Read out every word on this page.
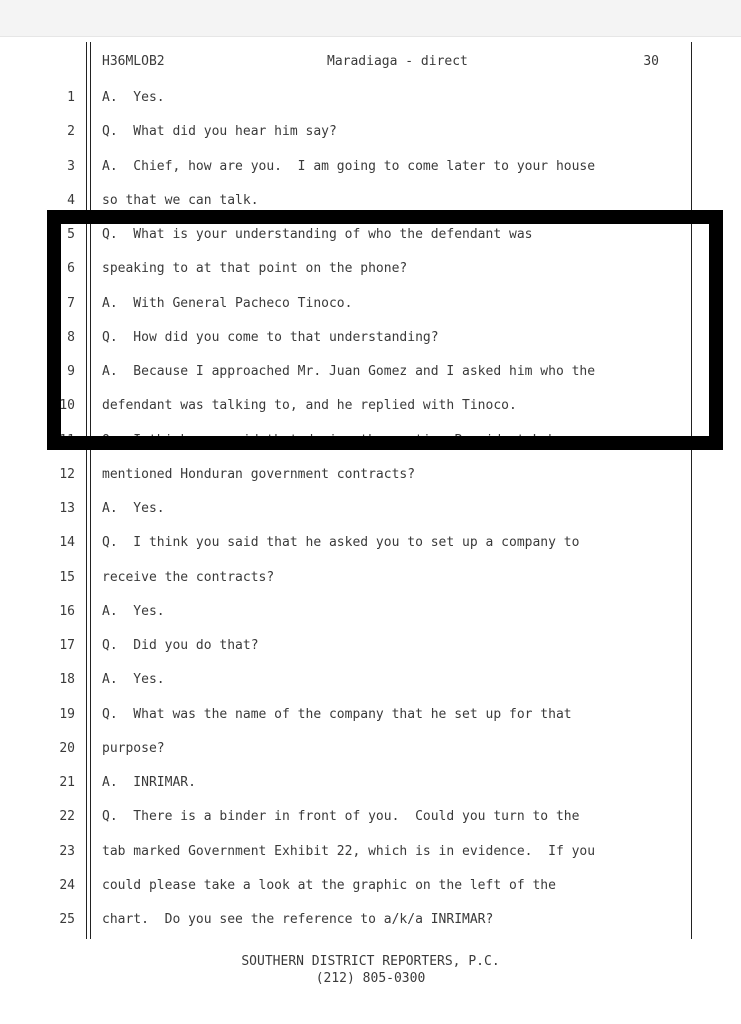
H36MLOB2	Maradiaga - direct	30
1 A.  Yes.
2 Q.  What did you hear him say?
3 A.  Chief, how are you.  I am going to come later to your house
4 so that we can talk.
5 Q.  What is your understanding of who the defendant was
6 speaking to at that point on the phone?
7 A.  With General Pacheco Tinoco.
8 Q.  How did you come to that understanding?
9 A.  Because I approached Mr. Juan Gomez and I asked him who the
10 defendant was talking to, and he replied with Tinoco.
11 Q.  I think you said that during the meeting President Lobo
12 mentioned Honduran government contracts?
13 A.  Yes.
14 Q.  I think you said that he asked you to set up a company to
15 receive the contracts?
16 A.  Yes.
17 Q.  Did you do that?
18 A.  Yes.
19 Q.  What was the name of the company that he set up for that
20 purpose?
21 A.  INRIMAR.
22 Q.  There is a binder in front of you.  Could you turn to the
23 tab marked Government Exhibit 22, which is in evidence.  If you
24 could please take a look at the graphic on the left of the
25 chart.  Do you see the reference to a/k/a INRIMAR?
SOUTHERN DISTRICT REPORTERS, P.C.
(212) 805-0300
